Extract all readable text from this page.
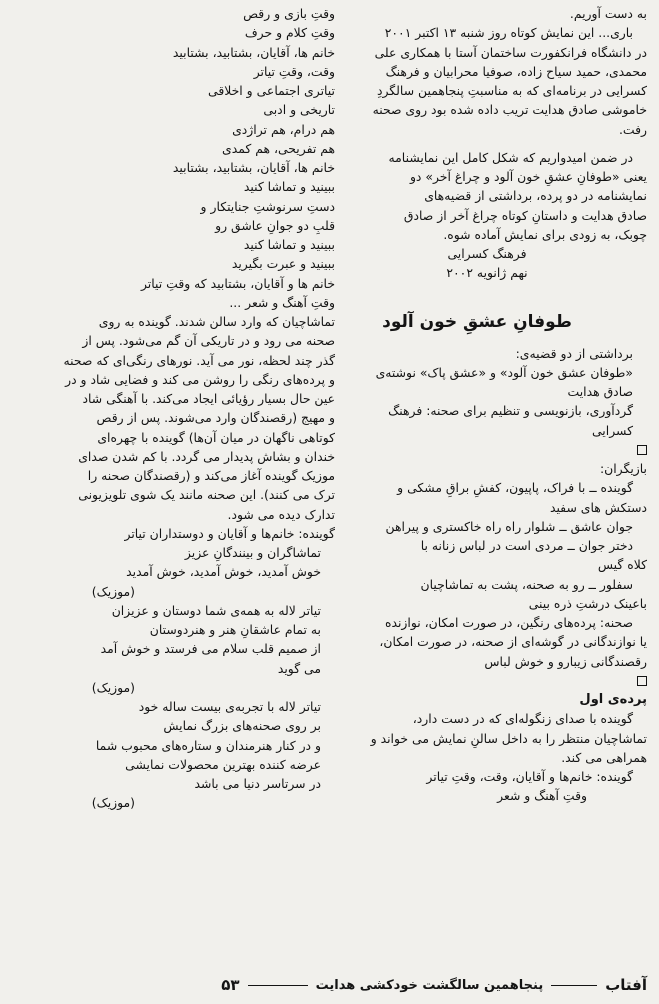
به دست آوریم.
باری... این نمایش کوتاه روز شنبه ۱۳ اکتبر ۲۰۰۱
در دانشگاه فرانکفورت ساختمان آستا با همکاری علی
محمدی، حمید سیاح زاده، صوفیا محرابیان و فرهنگ
کسرایی در برنامه‌ای که به مناسبتِ پنجاهمین سالگردِ
خاموشی صادق هدایت تریب داده شده بود روی صحنه
رفت.
در ضمن امیدواریم که شکل کامل این نمایشنامه
یعنی «طوفانِ عشقِ خون آلود و چراغ آخر» دو
نمایشنامه در دو پرده، برداشتی از قضیه‌های
صادق هدایت و داستانِ کوتاه چراغ آخر از صادق
چوبک، به زودی برای نمایش آماده شوه.
فرهنگ کسرایی
نهم ژانویه ۲۰۰۲
طوفانِ عشقِ خون آلود
برداشتی از دو قضیه‌ی:
«طوفان عشق خون آلود» و «عشق پاک» نوشته‌ی
صادق هدایت
گردآوری، بازنویسی و تنظیم برای صحنه: فرهنگ
کسرایی
بازیگران:
گوینده ــ با فراک، پاپیون، کفشِ براقِ مشکی و
دستکش های سفید
جوان عاشق ــ شلوار راه راه خاکستری و پیراهن
دختر جوان ــ مردی است در لباس زنانه با
کلاه گیس
سفلور ــ رو به صحنه، پشت به تماشاچیان
باعینک درشتِ ذره بینی
صحنه: پرده‌های رنگین، در صورت امکان، نوازنده
یا نوازندگانی در گوشه‌ای از صحنه، در صورت امکان،
رقصندگانی زیبارو و خوش لباس
پرده‌ی اول
گوینده با صدای زنگوله‌ای که در دست دارد،
تماشاچیان منتظر را به داخل سالنِ نمایش می خواند و
همراهی می کند.
گوینده: خانم‌ها و آقایان، وقت، وقتِ تیاتر
وقتِ آهنگ و شعر
وقتِ بازی و رقص
وقتِ کلام و حرف
خانم ها، آقایان، بشتابید، بشتابید
وقت، وقتِ تیاتر
تیاتری اجتماعی و اخلاقی
تاریخی و ادبی
هم درام، هم تراژدی
هم تفریحی، هم کمدی
خانم ها، آقایان، بشتابید، بشتابید
ببینید و تماشا کنید
دستِ سرنوشتِ جنایتکار و
قلبِ دو جوانِ عاشق رو
ببینید و تماشا کنید
ببینید و عبرت بگیرید
خانم ها و آقایان، بشتابید که وقتِ تیاتر
وقتِ آهنگ و شعر ...
تماشاچیان که وارد سالن شدند. گوینده به روی
صحنه می رود و در تاریکی آن گم می‌شود. پس از
گذر چند لحظه، نور می آید. نورهای رنگی‌ای که صحنه
و پرده‌های رنگی را روشن می کند و فضایی شاد و در
عین حال بسیار رؤیائی ایجاد می‌کند. با آهنگی شاد
و مهیج (رقصندگان وارد می‌شوند. پس از رقص
کوتاهی ناگهان در میان آن‌ها) گوینده با چهره‌ای
خندان و بشاش پدیدار می گردد. با کم شدن صدای
موزیک گوینده آغاز می‌کند و (رقصندگان صحنه را
ترک می کنند). این صحنه مانند یک شوی تلویزیونی
تدارک دیده می شود.
گوینده: خانم‌ها و آقایان و دوستداران تیاتر
تماشاگران و بینندگانِ عزیز
خوش آمدید، خوش آمدید، خوش آمدید
(موزیک)
تیاتر لاله به همه‌ی شما دوستان و عزیزان
به تمام عاشقانِ هنر و هنردوستان
از صمیم قلب سلام می فرستد و خوش آمد
می گوید
(موزیک)
تیاتر لاله با تجربه‌ی بیست ساله خود
بر روی صحنه‌های بزرگ نمایش
و در کنار هنرمندان و ستاره‌های محبوب شما
عرضه کننده بهترین محصولات نمایشی
در سرتاسر دنیا می باشد
(موزیک)
آفتاب
پنجاهمین سالگشت خودکشی هدایت
۵۳
